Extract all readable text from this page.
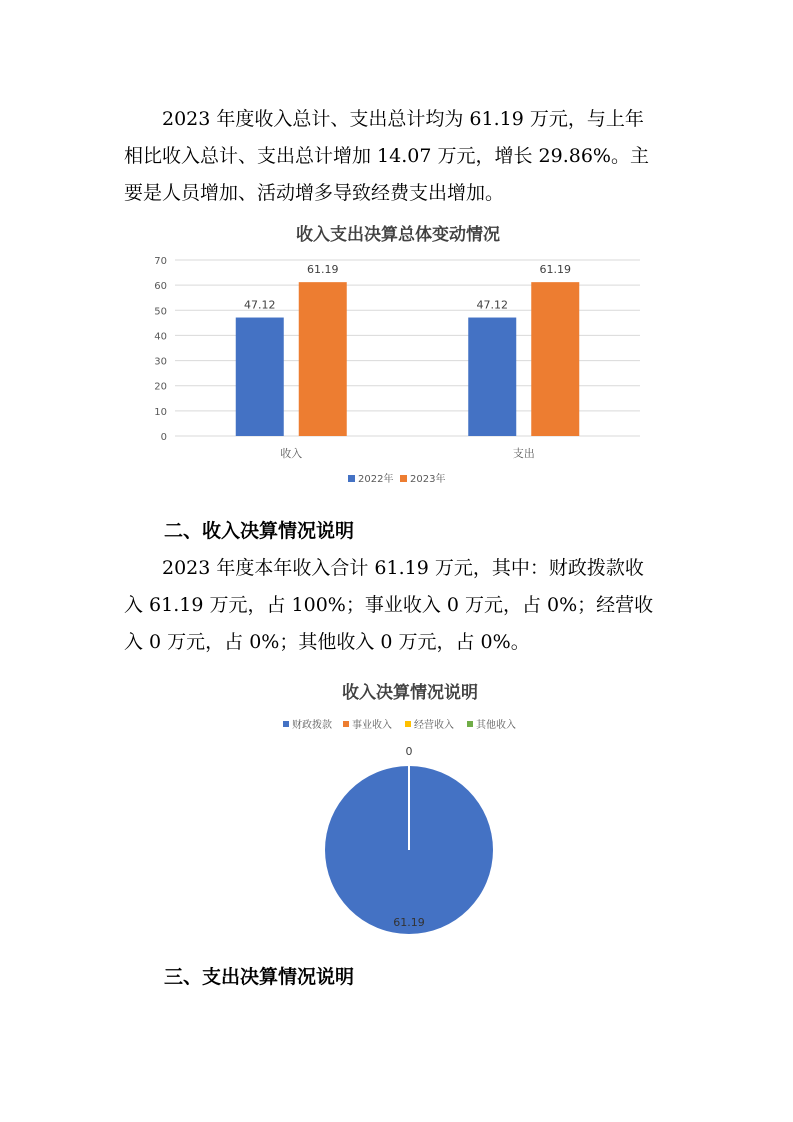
2023 年度收入总计、支出总计均为 61.19 万元，与上年

相比收入总计、支出总计增加 14.07 万元，增长 29.86%。主

要是人员增加、活动增多导致经费支出增加。

收入支出决算总体变动情况
0
10
20
30
40
50
60
70
47.12
61.19
47.12
61.19
收入	支出
2022年 2023年
二、收入决算情况说明

2023 年度本年收入合计 61.19 万元，其中：财政拨款收

入 61.19 万元，占 100%；事业收入 0 万元，占 0%；经营收

入 0 万元，占 0%；其他收入 0 万元，占 0%。

收入决算情况说明
财政拨款 事业收入 经营收入 其他收入
0
61.19
三、支出决算情况说明
